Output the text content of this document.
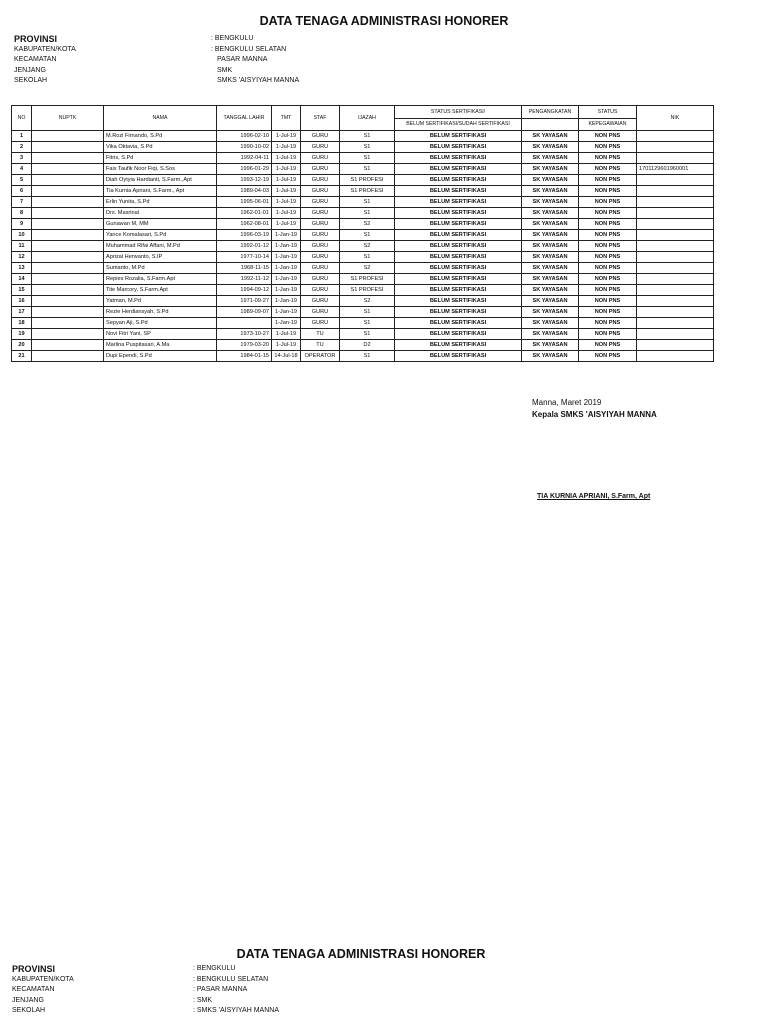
DATA TENAGA ADMINISTRASI HONORER
PROVINSI	: BENGKULU
KABUPATEN/KOTA	: BENGKULU SELATAN
KECAMATAN	PASAR MANNA
JENJANG	SMK
SEKOLAH	SMKS 'AISYIYAH MANNA
NO	NUPTK	NAMA	TANGGAL LAHIR	TMT	STAF	IJAZAH	STATUS SERTIFIKASI/	PENGANGKATAN	STATUS	NIK
							BELUM SERTIFIKASI/SUDAH SERTIFIKASI		KEPEGAWAIAN	
1		M.Rozi Firnando, S.Pd	1996-02-10	1-Jul-19	GURU	S1	BELUM SERTIFIKASI	SK YAYASAN	NON PNS	
2		Vika Oktavia, S.Pd	1990-10-02	1-Jul-19	GURU	S1	BELUM SERTIFIKASI	SK YAYASAN	NON PNS	
3		Fitris, S.Pd	1992-04-11	1-Jul-19	GURU	S1	BELUM SERTIFIKASI	SK YAYASAN	NON PNS	
4		Fais Taufik Noor Fiqi, S.Sos	1996-01-29	1-Jul-19	GURU	S1	BELUM SERTIFIKASI	SK YAYASAN	NON PNS	1701129601960001
5		Diah Oytyia Hardianti, S.Farm.,Apt	1993-12-19	1-Jul-19	GURU	S1 PROFESI	BELUM SERTIFIKASI	SK YAYASAN	NON PNS	
6		Tia Kurnia Apriani, S.Farm., Apt	1989-04-03	1-Jul-19	GURU	S1 PROFESI	BELUM SERTIFIKASI	SK YAYASAN	NON PNS	
7		Erlin Yunita, S.Pd	1995-06-01	1-Jul-19	GURU	S1	BELUM SERTIFIKASI	SK YAYASAN	NON PNS	
8		Drs. Masrinal	1962-01-01	1-Jul-19	GURU	S1	BELUM SERTIFIKASI	SK YAYASAN	NON PNS	
9		Gunawan M, MM	1962-08-01	1-Jul-19	GURU	S2	BELUM SERTIFIKASI	SK YAYASAN	NON PNS	
10		Yance Komalasari, S.Pd	1996-03-19	1-Jan-19	GURU	S1	BELUM SERTIFIKASI	SK YAYASAN	NON PNS	
11		Muhammad Rifai Affani, M.Pd	1992-01-12	1-Jan-19	GURU	S2	BELUM SERTIFIKASI	SK YAYASAN	NON PNS	
12		Aprizal Herwanto, S.IP	1977-10-14	1-Jan-19	GURU	S1	BELUM SERTIFIKASI	SK YAYASAN	NON PNS	
13		Sumanto, M.Pd	1968-11-15	1-Jan-19	GURU	S2	BELUM SERTIFIKASI	SK YAYASAN	NON PNS	
14		Repies Rozalia, S.Farm.Apt	1992-11-12	1-Jan-19	GURU	S1 PROFESI	BELUM SERTIFIKASI	SK YAYASAN	NON PNS	
15		Tite Marcory, S.Farm.Apt	1994-09-12	1-Jan-19	GURU	S1 PROFESI	BELUM SERTIFIKASI	SK YAYASAN	NON PNS	
16		Yatman, M.Pd	1971-09-27	1-Jan-19	GURU	S2	BELUM SERTIFIKASI	SK YAYASAN	NON PNS	
17		Rezie Herdiansyah, S.Pd	1989-09-07	1-Jan-19	GURU	S1	BELUM SERTIFIKASI	SK YAYASAN	NON PNS	
18		Sepyan Aji, S.Pd		1-Jan-19	GURU	S1	BELUM SERTIFIKASI	SK YAYASAN	NON PNS	
19		Novi Fitri Yani, SP	1973-10-27	1-Jul-19	TU	S1	BELUM SERTIFIKASI	SK YAYASAN	NON PNS	
20		Marlina Puspitasari, A.Ma	1979-03-20	1-Jul-19	TU	D2	BELUM SERTIFIKASI	SK YAYASAN	NON PNS	
21		Dupi Ependi, S.Pd	1984-01-15	14-Jul-18	OPERATOR	S1	BELUM SERTIFIKASI	SK YAYASAN	NON PNS	
Manna, Maret 2019
Kepala SMKS 'AISYIYAH MANNA
TIA KURNIA APRIANI, S.Farm, Apt
DATA TENAGA ADMINISTRASI HONORER
PROVINSI	: BENGKULU
KABUPATEN/KOTA	: BENGKULU SELATAN
KECAMATAN	: PASAR MANNA
JENJANG	: SMK
SEKOLAH	: SMKS 'AISYIYAH MANNA
